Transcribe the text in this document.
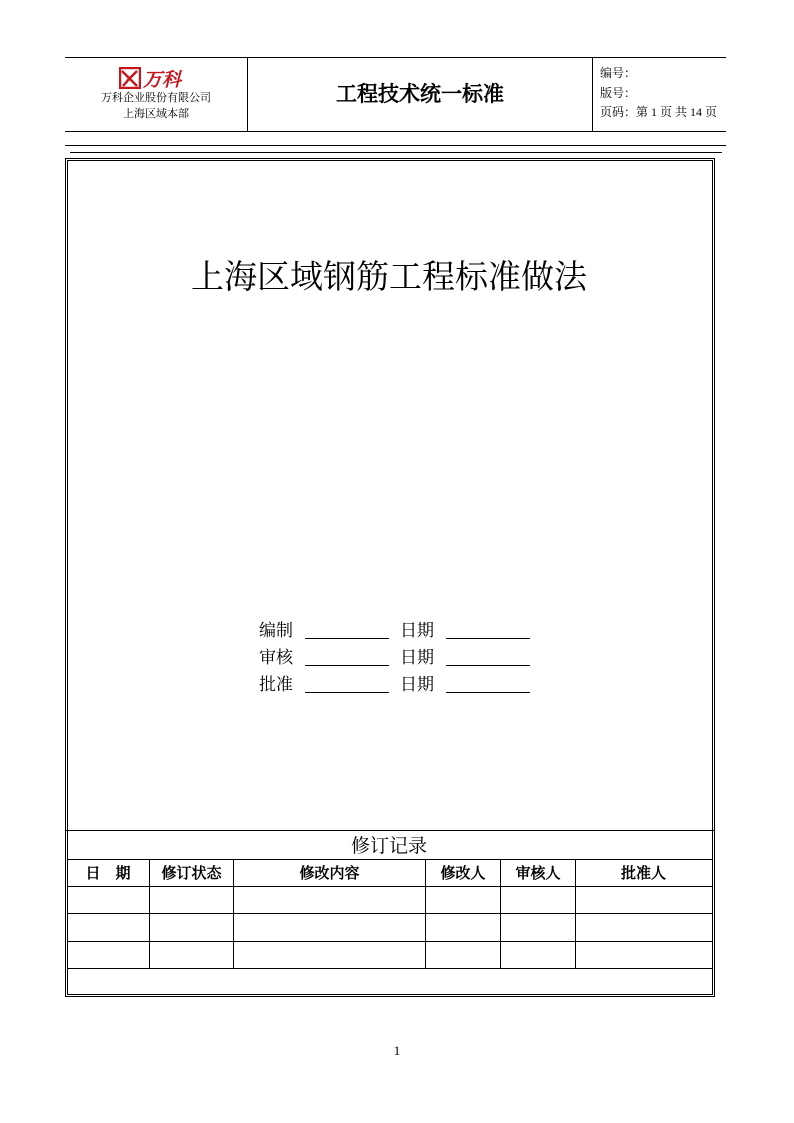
万科
万科企业股份有限公司
上海区域本部
工程技术统一标准
编号：
版号：
页码：第 1 页 共 14 页
上海区域钢筋工程标准做法
编制	日期
审核	日期
批准	日期
修订记录
日　期	修订状态	修改内容	修改人	审核人	批准人
1
